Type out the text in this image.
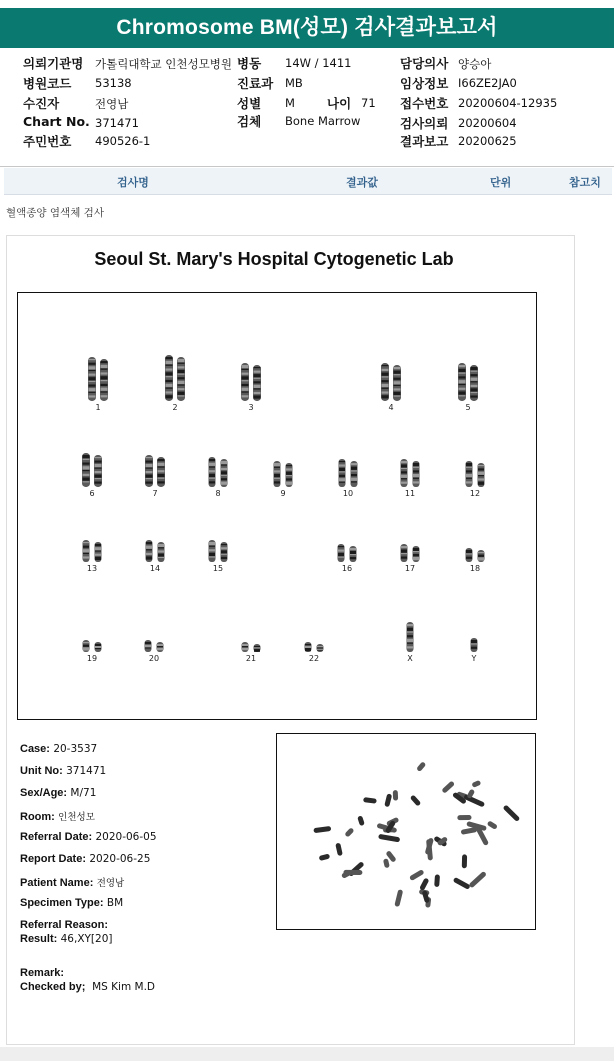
Chromosome BM(성모) 검사결과보고서
의뢰기관명 가톨릭대학교 인천성모병원 병동 14W / 1411	담당의사 양승아
병원코드 53138	진료과 MB	임상정보 I66ZE2JA0
수진자	전영남	성별 M	나이 71 접수번호 20200604-12935
Chart No. 371471	검체 Bone Marrow	검사의뢰 20200604
주민번호 490526-1	결과보고 20200625
검사명	결과값	단위	참고치
혈액종양 염색체 검사
Seoul St. Mary's Hospital Cytogenetic Lab
1	2	3	4	5
6	7	8	9	10	11	12
13	14	15	16	17	18
19	20	21	22	X	Y
Case: 20-3537
Unit No: 371471
Sex/Age: M/71
Room: 인천성모
Referral Date: 2020-06-05
Report Date: 2020-06-25
Patient Name: 전영남
Specimen Type: BM
Referral Reason:
Result: 46,XY[20]
Remark:
Checked by; MS Kim M.D
